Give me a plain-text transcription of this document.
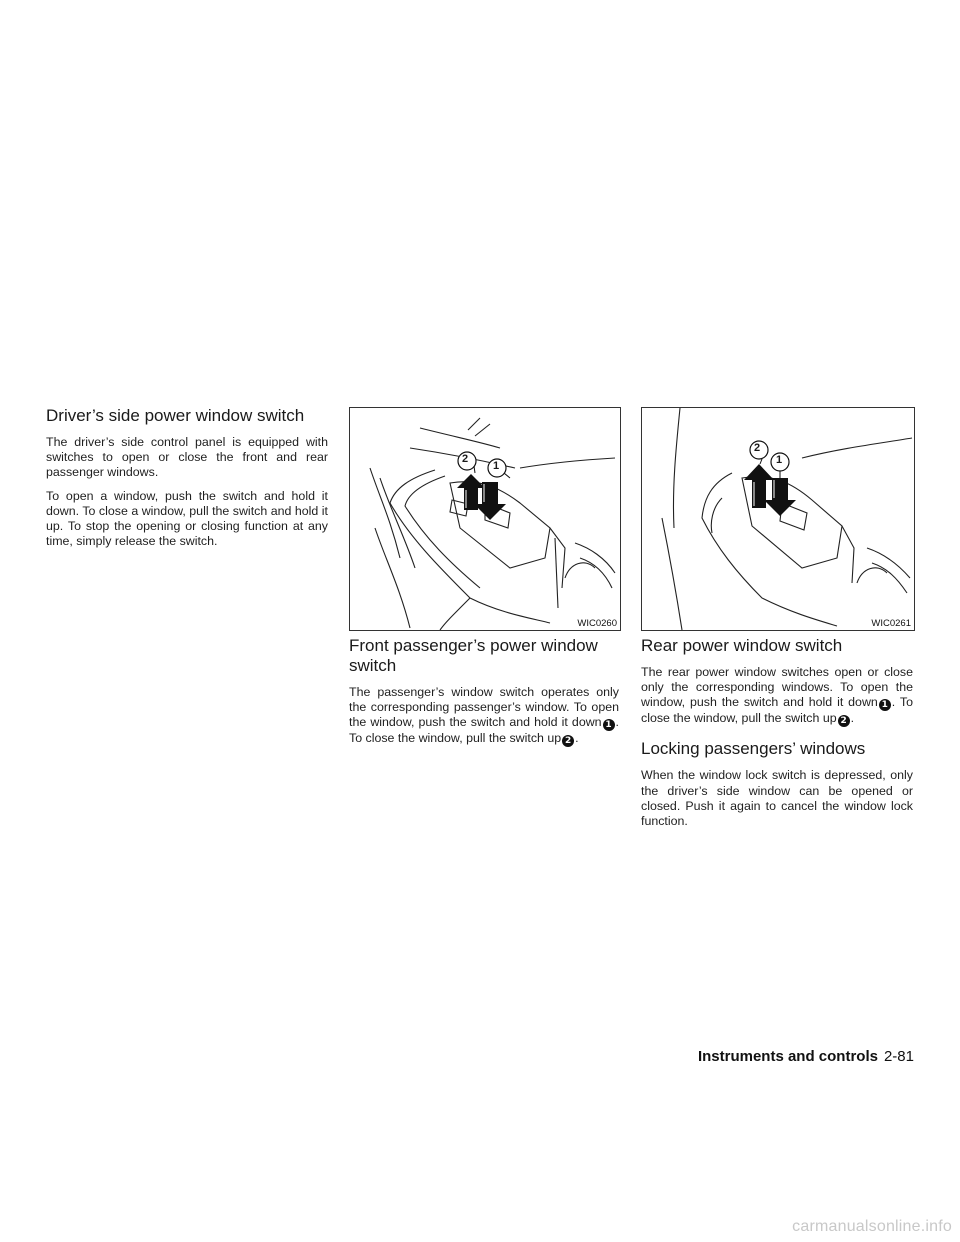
Driver’s side power window switch

The driver’s side control panel is equipped with switches to open or close the front and rear passenger windows.

To open a window, push the switch and hold it down. To close a window, pull the switch and hold it up. To stop the opening or closing function at any time, simply release the switch.

2
1
WIC0260
Front passenger’s power window switch

The passenger’s window switch operates only the corresponding passenger’s window. To open the window, push the switch and hold it down 1 . To close the window, pull the switch up 2 .

2
1
WIC0261
Rear power window switch

The rear power window switches open or close only the corresponding windows. To open the window, push the switch and hold it down 1 . To close the window, pull the switch up 2 .

Locking passengers’ windows

When the window lock switch is depressed, only the driver’s side window can be opened or closed. Push it again to cancel the window lock function.

Instruments and controls 2-81
carmanualsonline.info
